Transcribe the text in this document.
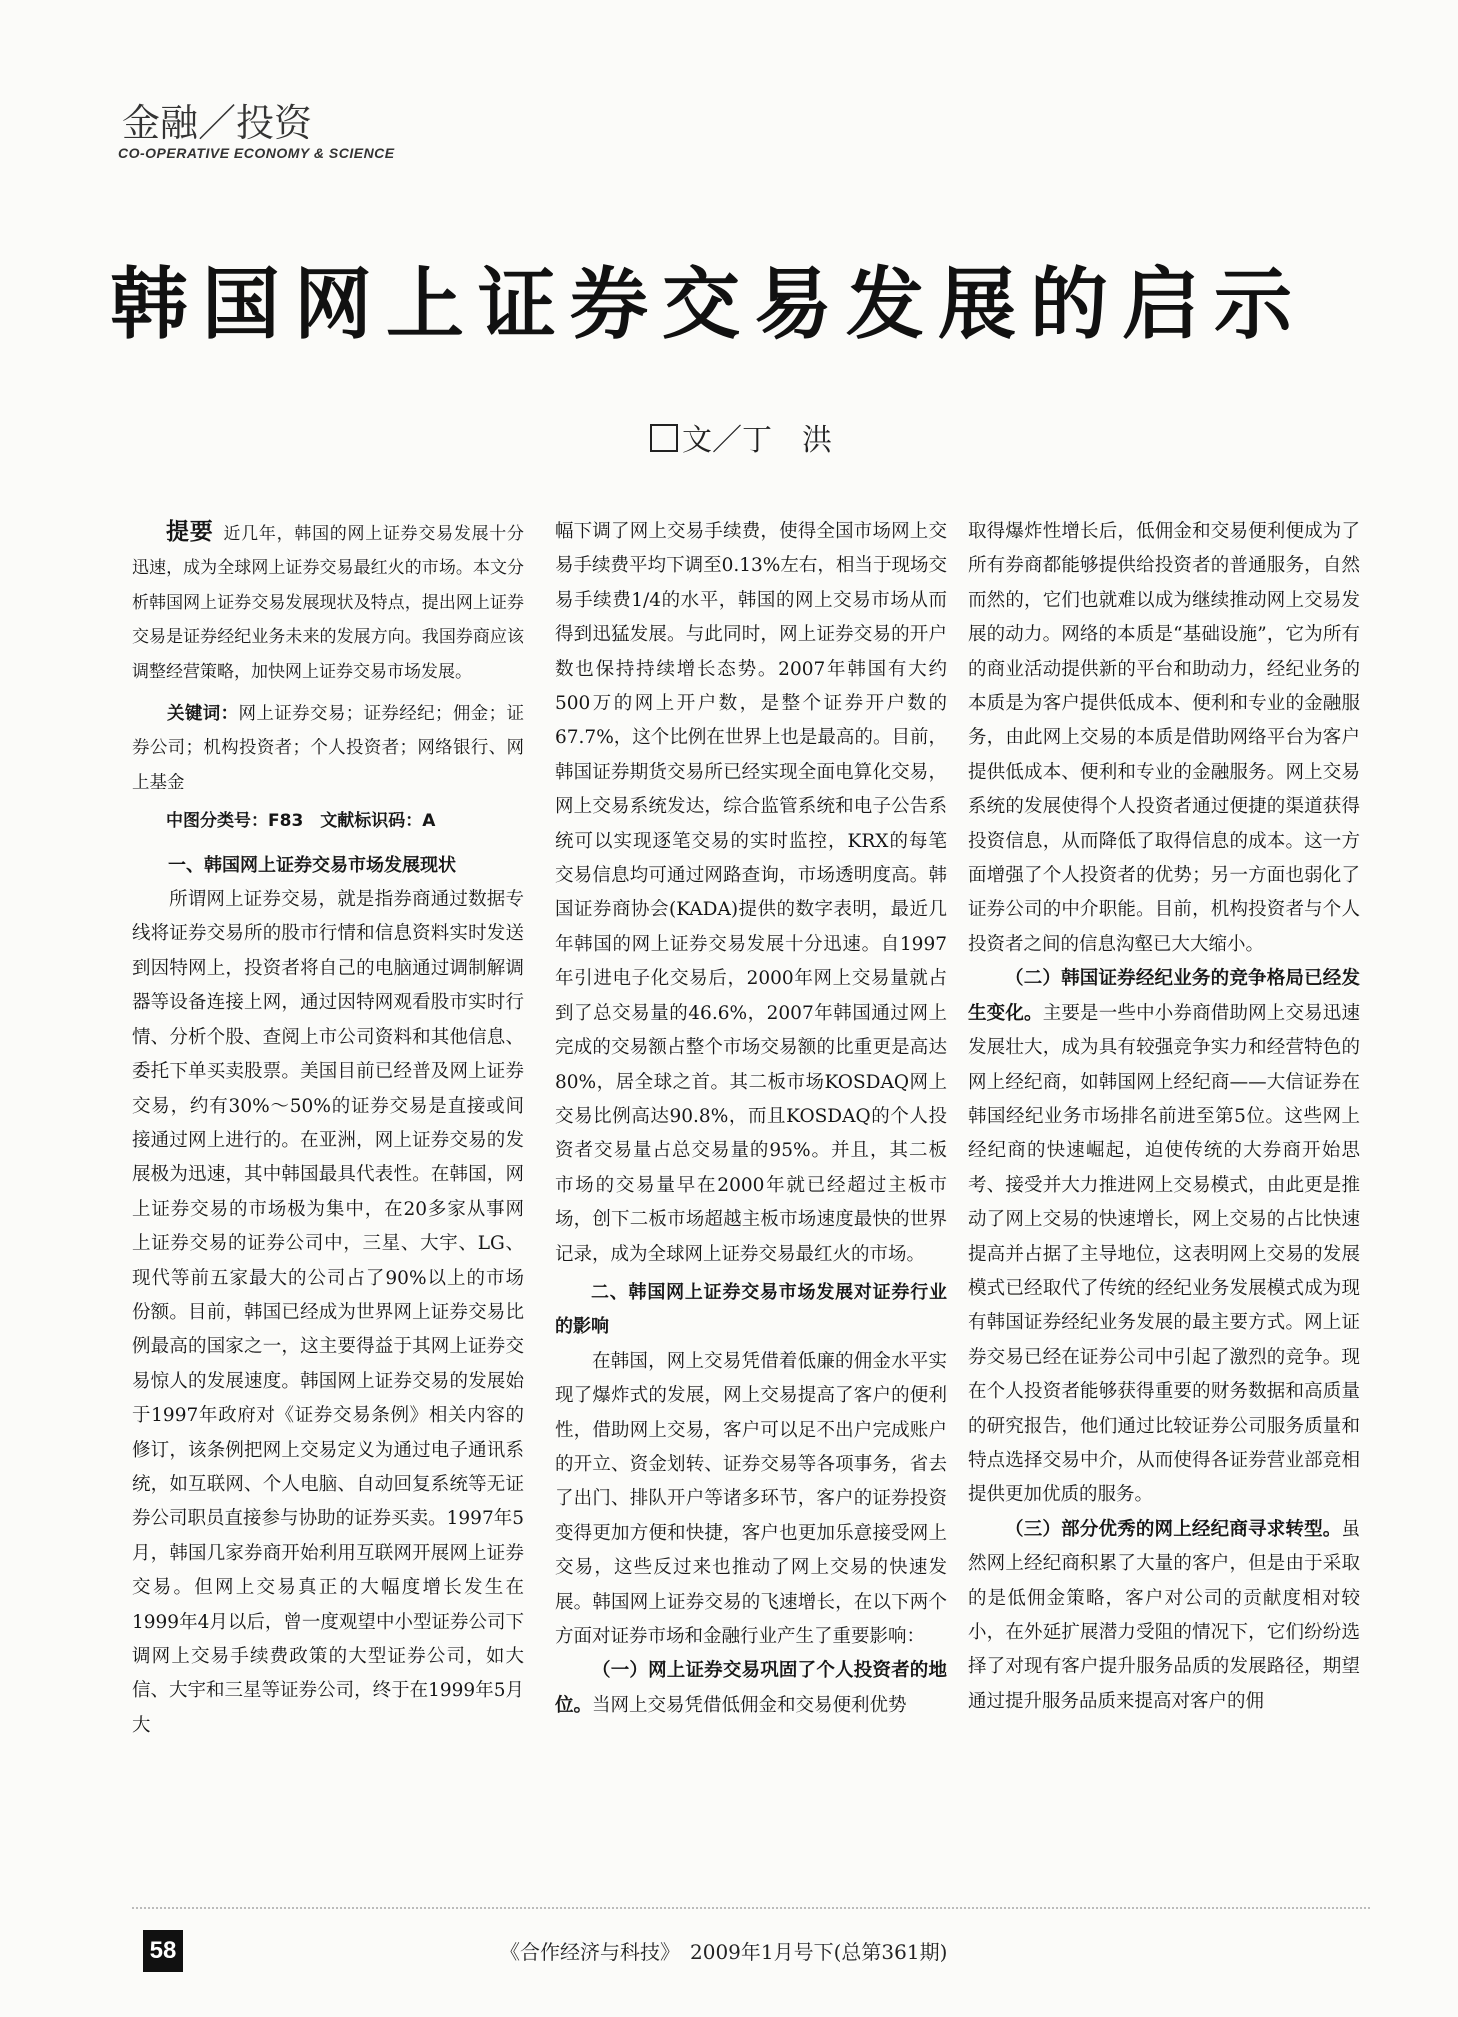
金融／投资
CO-OPERATIVE ECONOMY & SCIENCE
韩国网上证券交易发展的启示
文／丁　洪

提要 近几年，韩国的网上证券交易发展十分迅速，成为全球网上证券交易最红火的市场。本文分析韩国网上证券交易发展现状及特点，提出网上证券交易是证券经纪业务未来的发展方向。我国券商应该调整经营策略，加快网上证券交易市场发展。

关键词：网上证券交易；证券经纪；佣金；证券公司；机构投资者；个人投资者；网络银行、网上基金

中图分类号：F83　文献标识码：A

一、韩国网上证券交易市场发展现状

所谓网上证券交易，就是指券商通过数据专线将证券交易所的股市行情和信息资料实时发送到因特网上，投资者将自己的电脑通过调制解调器等设备连接上网，通过因特网观看股市实时行情、分析个股、查阅上市公司资料和其他信息、委托下单买卖股票。美国目前已经普及网上证券交易，约有30%～50%的证券交易是直接或间接通过网上进行的。在亚洲，网上证券交易的发展极为迅速，其中韩国最具代表性。在韩国，网上证券交易的市场极为集中，在20多家从事网上证券交易的证券公司中，三星、大宇、LG、现代等前五家最大的公司占了90%以上的市场份额。目前，韩国已经成为世界网上证券交易比例最高的国家之一，这主要得益于其网上证券交易惊人的发展速度。韩国网上证券交易的发展始于1997年政府对《证券交易条例》相关内容的修订，该条例把网上交易定义为通过电子通讯系统，如互联网、个人电脑、自动回复系统等无证券公司职员直接参与协助的证券买卖。1997年5月，韩国几家券商开始利用互联网开展网上证券交易。但网上交易真正的大幅度增长发生在1999年4月以后，曾一度观望中小型证券公司下调网上交易手续费政策的大型证券公司，如大信、大宇和三星等证券公司，终于在1999年5月大

幅下调了网上交易手续费，使得全国市场网上交易手续费平均下调至0.13%左右，相当于现场交易手续费1/4的水平，韩国的网上交易市场从而得到迅猛发展。与此同时，网上证券交易的开户数也保持持续增长态势。2007年韩国有大约500万的网上开户数，是整个证券开户数的67.7%，这个比例在世界上也是最高的。目前，韩国证券期货交易所已经实现全面电算化交易，网上交易系统发达，综合监管系统和电子公告系统可以实现逐笔交易的实时监控，KRX的每笔交易信息均可通过网路查询，市场透明度高。韩国证券商协会(KADA)提供的数字表明，最近几年韩国的网上证券交易发展十分迅速。自1997年引进电子化交易后，2000年网上交易量就占到了总交易量的46.6%，2007年韩国通过网上完成的交易额占整个市场交易额的比重更是高达80%，居全球之首。其二板市场KOSDAQ网上交易比例高达90.8%，而且KOSDAQ的个人投资者交易量占总交易量的95%。并且，其二板市场的交易量早在2000年就已经超过主板市场，创下二板市场超越主板市场速度最快的世界记录，成为全球网上证券交易最红火的市场。

二、韩国网上证券交易市场发展对证券行业的影响

在韩国，网上交易凭借着低廉的佣金水平实现了爆炸式的发展，网上交易提高了客户的便利性，借助网上交易，客户可以足不出户完成账户的开立、资金划转、证券交易等各项事务，省去了出门、排队开户等诸多环节，客户的证券投资变得更加方便和快捷，客户也更加乐意接受网上交易，这些反过来也推动了网上交易的快速发展。韩国网上证券交易的飞速增长，在以下两个方面对证券市场和金融行业产生了重要影响：

（一）网上证券交易巩固了个人投资者的地位。当网上交易凭借低佣金和交易便利优势

取得爆炸性增长后，低佣金和交易便利便成为了所有券商都能够提供给投资者的普通服务，自然而然的，它们也就难以成为继续推动网上交易发展的动力。网络的本质是“基础设施”，它为所有的商业活动提供新的平台和助动力，经纪业务的本质是为客户提供低成本、便利和专业的金融服务，由此网上交易的本质是借助网络平台为客户提供低成本、便利和专业的金融服务。网上交易系统的发展使得个人投资者通过便捷的渠道获得投资信息，从而降低了取得信息的成本。这一方面增强了个人投资者的优势；另一方面也弱化了证券公司的中介职能。目前，机构投资者与个人投资者之间的信息沟壑已大大缩小。

（二）韩国证券经纪业务的竞争格局已经发生变化。主要是一些中小券商借助网上交易迅速发展壮大，成为具有较强竞争实力和经营特色的网上经纪商，如韩国网上经纪商——大信证券在韩国经纪业务市场排名前进至第5位。这些网上经纪商的快速崛起，迫使传统的大券商开始思考、接受并大力推进网上交易模式，由此更是推动了网上交易的快速增长，网上交易的占比快速提高并占据了主导地位，这表明网上交易的发展模式已经取代了传统的经纪业务发展模式成为现有韩国证券经纪业务发展的最主要方式。网上证券交易已经在证券公司中引起了激烈的竞争。现在个人投资者能够获得重要的财务数据和高质量的研究报告，他们通过比较证券公司服务质量和特点选择交易中介，从而使得各证券营业部竞相提供更加优质的服务。

（三）部分优秀的网上经纪商寻求转型。虽然网上经纪商积累了大量的客户，但是由于采取的是低佣金策略，客户对公司的贡献度相对较小，在外延扩展潜力受阻的情况下，它们纷纷选择了对现有客户提升服务品质的发展路径，期望通过提升服务品质来提高对客户的佣

58	《合作经济与科技》　2009年1月号下(总第361期)
